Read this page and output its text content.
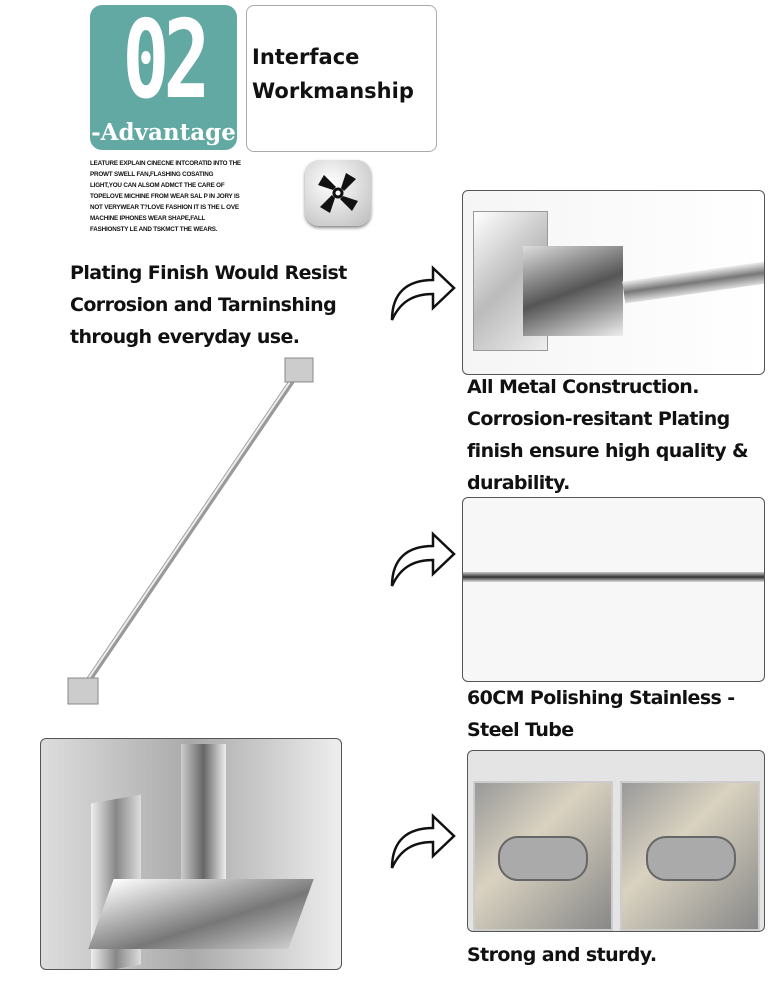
02
-Advantage
Interface
Workmanship
LEATURE EXPLAIN CINECNE INTCORATID INTO THE PROWT SWELL FAN,FLASHING COSATING LIGHT,YOU CAN ALSOM ADMCT THE CARE OF TOPELOVE MICHINE FROM WEAR SAL P IN JORY IS NOT VERYWEAR T?LOVE FASHION IT IS THE L OVE MACHINE IPHONES WEAR SHAPE,FALL FASHIONSTY LE AND TSKMCT THE WEARS.
Plating Finish Would Resist
Corrosion and Tarninshing
through everyday use.
All Metal Construction.
Corrosion-resitant Plating
finish ensure high quality &
durability.
60CM Polishing Stainless -
Steel Tube
Strong and sturdy.
